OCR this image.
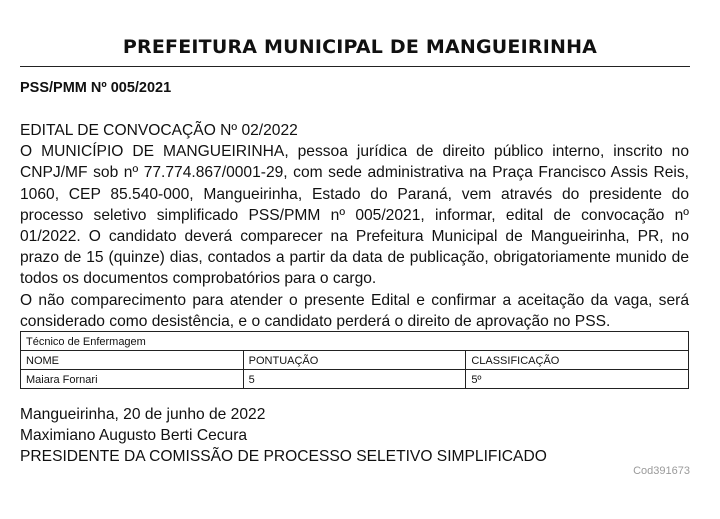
PREFEITURA MUNICIPAL DE MANGUEIRINHA
PSS/PMM Nº 005/2021

EDITAL DE CONVOCAÇÃO Nº 02/2022

O MUNICÍPIO DE MANGUEIRINHA, pessoa jurídica de direito público interno, inscrito no CNPJ/MF sob nº 77.774.867/0001-29, com sede administrativa na Praça Francisco Assis Reis, 1060, CEP 85.540-000, Mangueirinha, Estado do Paraná, vem através do presidente do processo seletivo simplificado PSS/PMM nº 005/2021, informar, edital de convocação nº 01/2022. O candidato deverá comparecer na Prefeitura Municipal de Mangueirinha, PR, no prazo de 15 (quinze) dias, contados a partir da data de publicação, obrigatoriamente munido de todos os documentos comprobatórios para o cargo.

O não comparecimento para atender o presente Edital e confirmar a aceitação da vaga, será considerado como desistência, e o candidato perderá o direito de aprovação no PSS.

Técnico de Enfermagem		
NOME	PONTUAÇÃO	CLASSIFICAÇÃO
Maiara Fornari	5	5º
Mangueirinha, 20 de junho de 2022
Maximiano Augusto Berti Cecura
PRESIDENTE DA COMISSÃO DE PROCESSO SELETIVO SIMPLIFICADO
Cod391673
